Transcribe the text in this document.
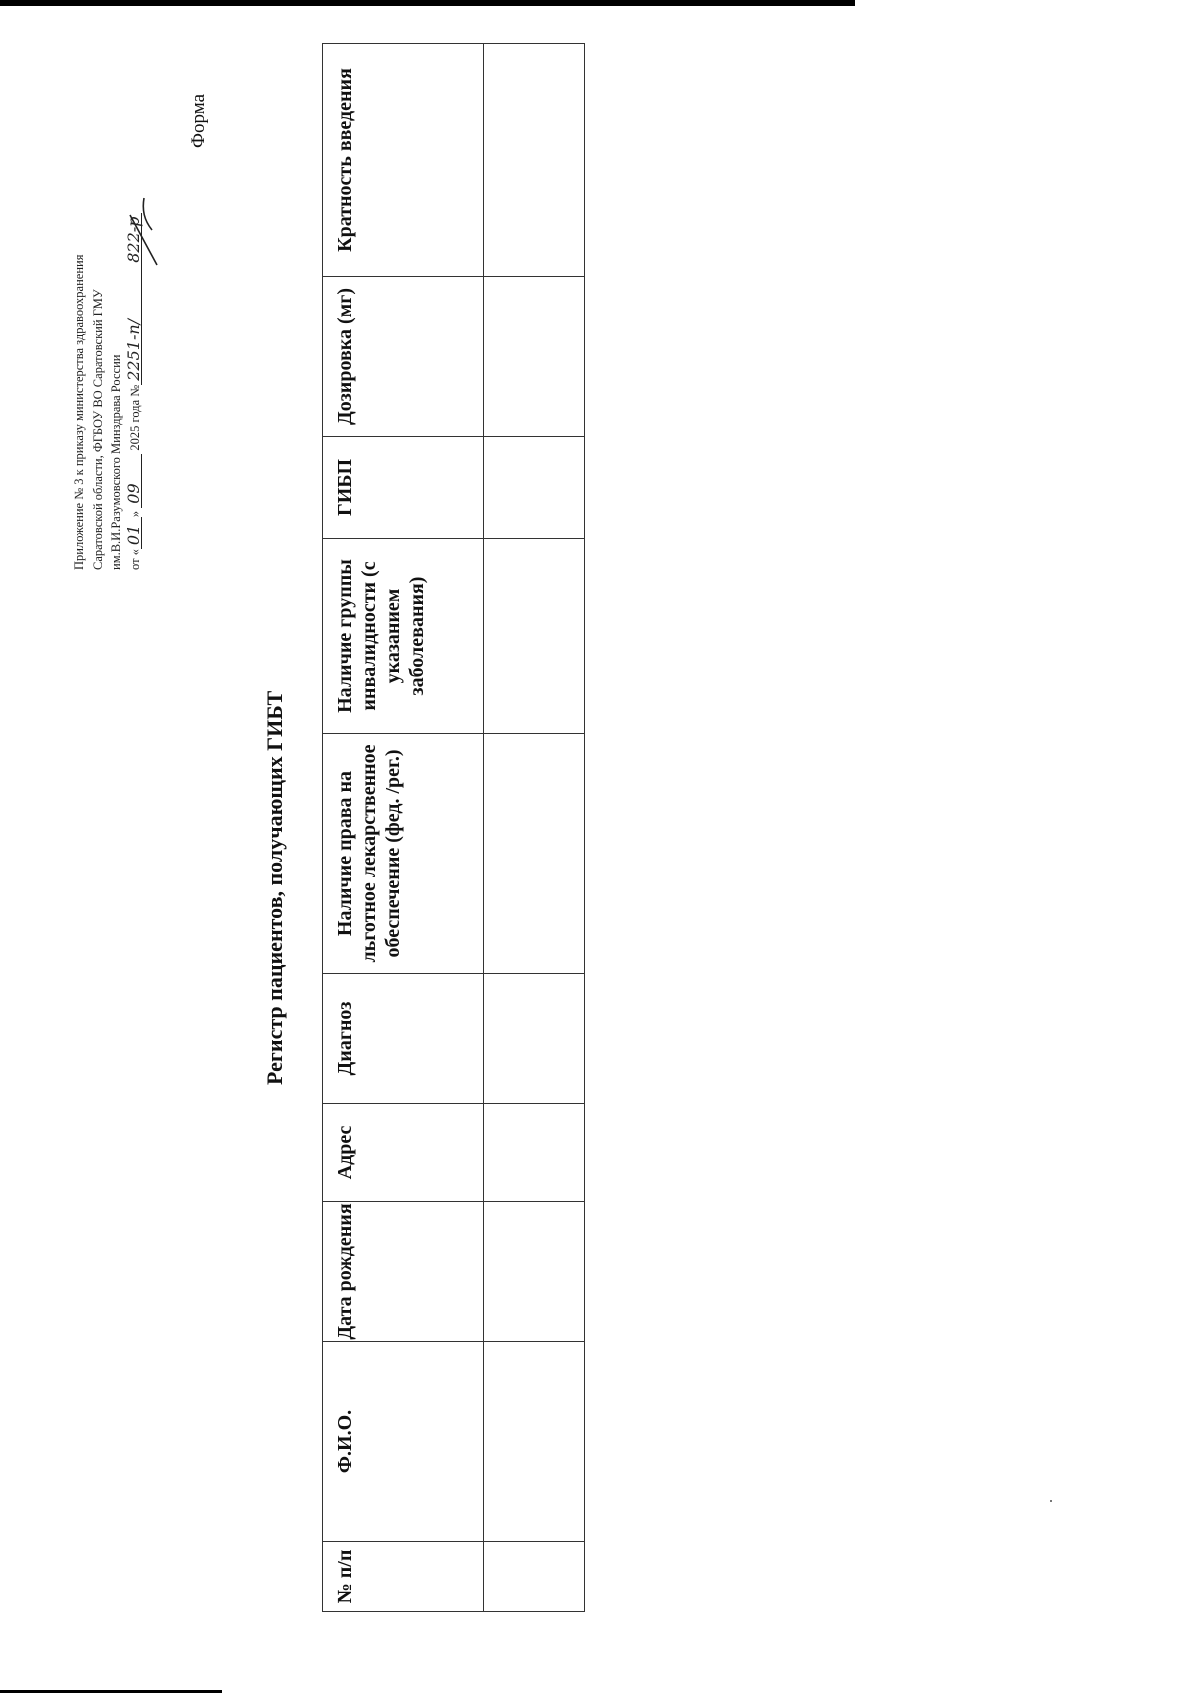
Приложение № 3 к приказу министерства здравоохранения Саратовской области, ФГБОУ ВО Саратовский ГМУ им.В.И.Разумовского Минздрава России от «01» 09 2025 года №2251-п/822-р
Форма
Регистр пациентов, получающих ГИБТ
№ п/п	Ф.И.О.	Дата рождения	Адрес	Диагноз	Наличие права на льготное лекарственное обеспечение (фед. /рег.)	Наличие группы инвалидности (с указанием заболевания)	ГИБП	Дозировка (мг)	Кратность введения
